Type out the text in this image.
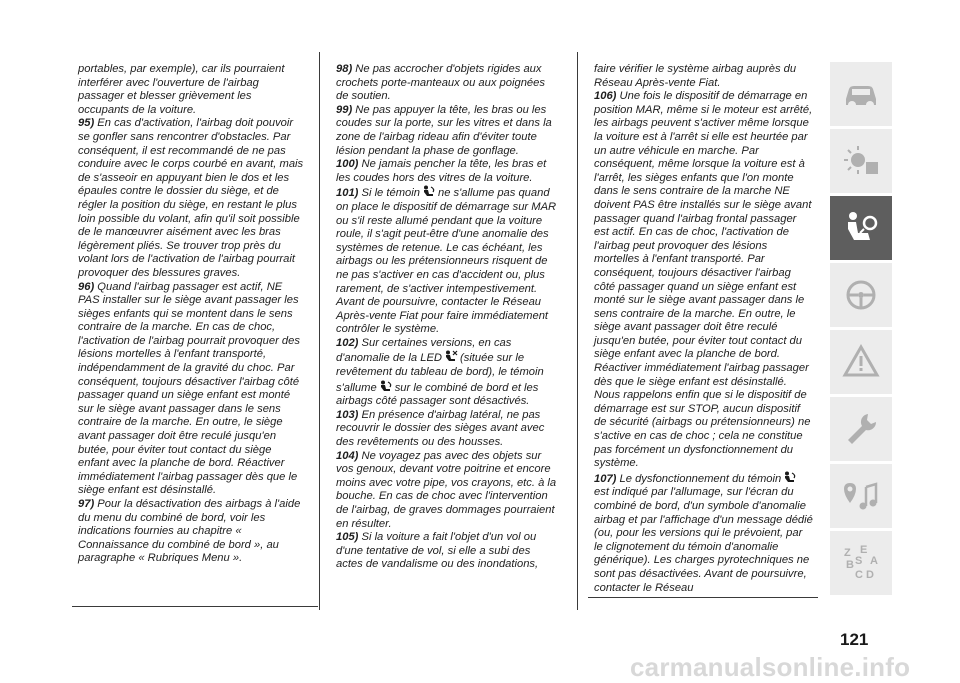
portables, par exemple), car ils pourraient interférer avec l'ouverture de l'airbag passager et blesser grièvement les occupants de la voiture.

95) En cas d'activation, l'airbag doit pouvoir se gonfler sans rencontrer d'obstacles. Par conséquent, il est recommandé de ne pas conduire avec le corps courbé en avant, mais de s'asseoir en appuyant bien le dos et les épaules contre le dossier du siège, et de régler la position du siège, en restant le plus loin possible du volant, afin qu'il soit possible de le manœuvrer aisément avec les bras légèrement pliés. Se trouver trop près du volant lors de l'activation de l'airbag pourrait provoquer des blessures graves.

96) Quand l'airbag passager est actif, NE PAS installer sur le siège avant passager les sièges enfants qui se montent dans le sens contraire de la marche. En cas de choc, l'activation de l'airbag pourrait provoquer des lésions mortelles à l'enfant transporté, indépendamment de la gravité du choc. Par conséquent, toujours désactiver l'airbag côté passager quand un siège enfant est monté sur le siège avant passager dans le sens contraire de la marche. En outre, le siège avant passager doit être reculé jusqu'en butée, pour éviter tout contact du siège enfant avec la planche de bord. Réactiver immédiatement l'airbag passager dès que le siège enfant est désinstallé.

97) Pour la désactivation des airbags à l'aide du menu du combiné de bord, voir les indications fournies au chapitre « Connaissance du combiné de bord », au paragraphe « Rubriques Menu ».

98) Ne pas accrocher d'objets rigides aux crochets porte-manteaux ou aux poignées de soutien.

99) Ne pas appuyer la tête, les bras ou les coudes sur la porte, sur les vitres et dans la zone de l'airbag rideau afin d'éviter toute lésion pendant la phase de gonflage.

100) Ne jamais pencher la tête, les bras et les coudes hors des vitres de la voiture.

101) Si le témoin ne s'allume pas quand on place le dispositif de démarrage sur MAR ou s'il reste allumé pendant que la voiture roule, il s'agit peut-être d'une anomalie des systèmes de retenue. Le cas échéant, les airbags ou les prétensionneurs risquent de ne pas s'activer en cas d'accident ou, plus rarement, de s'activer intempestivement. Avant de poursuivre, contacter le Réseau Après-vente Fiat pour faire immédiatement contrôler le système.

102) Sur certaines versions, en cas d'anomalie de la LED (située sur le revêtement du tableau de bord), le témoin s'allume sur le combiné de bord et les airbags côté passager sont désactivés.

103) En présence d'airbag latéral, ne pas recouvrir le dossier des sièges avant avec des revêtements ou des housses.

104) Ne voyagez pas avec des objets sur vos genoux, devant votre poitrine et encore moins avec votre pipe, vos crayons, etc. à la bouche. En cas de choc avec l'intervention de l'airbag, de graves dommages pourraient en résulter.

105) Si la voiture a fait l'objet d'un vol ou d'une tentative de vol, si elle a subi des actes de vandalisme ou des inondations,

faire vérifier le système airbag auprès du Réseau Après-vente Fiat.

106) Une fois le dispositif de démarrage en position MAR, même si le moteur est arrêté, les airbags peuvent s'activer même lorsque la voiture est à l'arrêt si elle est heurtée par un autre véhicule en marche. Par conséquent, même lorsque la voiture est à l'arrêt, les sièges enfants que l'on monte dans le sens contraire de la marche NE doivent PAS être installés sur le siège avant passager quand l'airbag frontal passager est actif. En cas de choc, l'activation de l'airbag peut provoquer des lésions mortelles à l'enfant transporté. Par conséquent, toujours désactiver l'airbag côté passager quand un siège enfant est monté sur le siège avant passager dans le sens contraire de la marche. En outre, le siège avant passager doit être reculé jusqu'en butée, pour éviter tout contact du siège enfant avec la planche de bord. Réactiver immédiatement l'airbag passager dès que le siège enfant est désinstallé. Nous rappelons enfin que si le dispositif de démarrage est sur STOP, aucun dispositif de sécurité (airbags ou prétensionneurs) ne s'active en cas de choc ; cela ne constitue pas forcément un dysfonctionnement du système.

107) Le dysfonctionnement du témoinest indiqué par l'allumage, sur l'écran du combiné de bord, d'un symbole d'anomalie airbag et par l'affichage d'un message dédié (ou, pour les versions qui le prévoient, par le clignotement du témoin d'anomalie générique). Les charges pyrotechniques ne sont pas désactivées. Avant de poursuivre, contacter le Réseau

Z E
A
B
C D
S
121
carmanualsonline.info
